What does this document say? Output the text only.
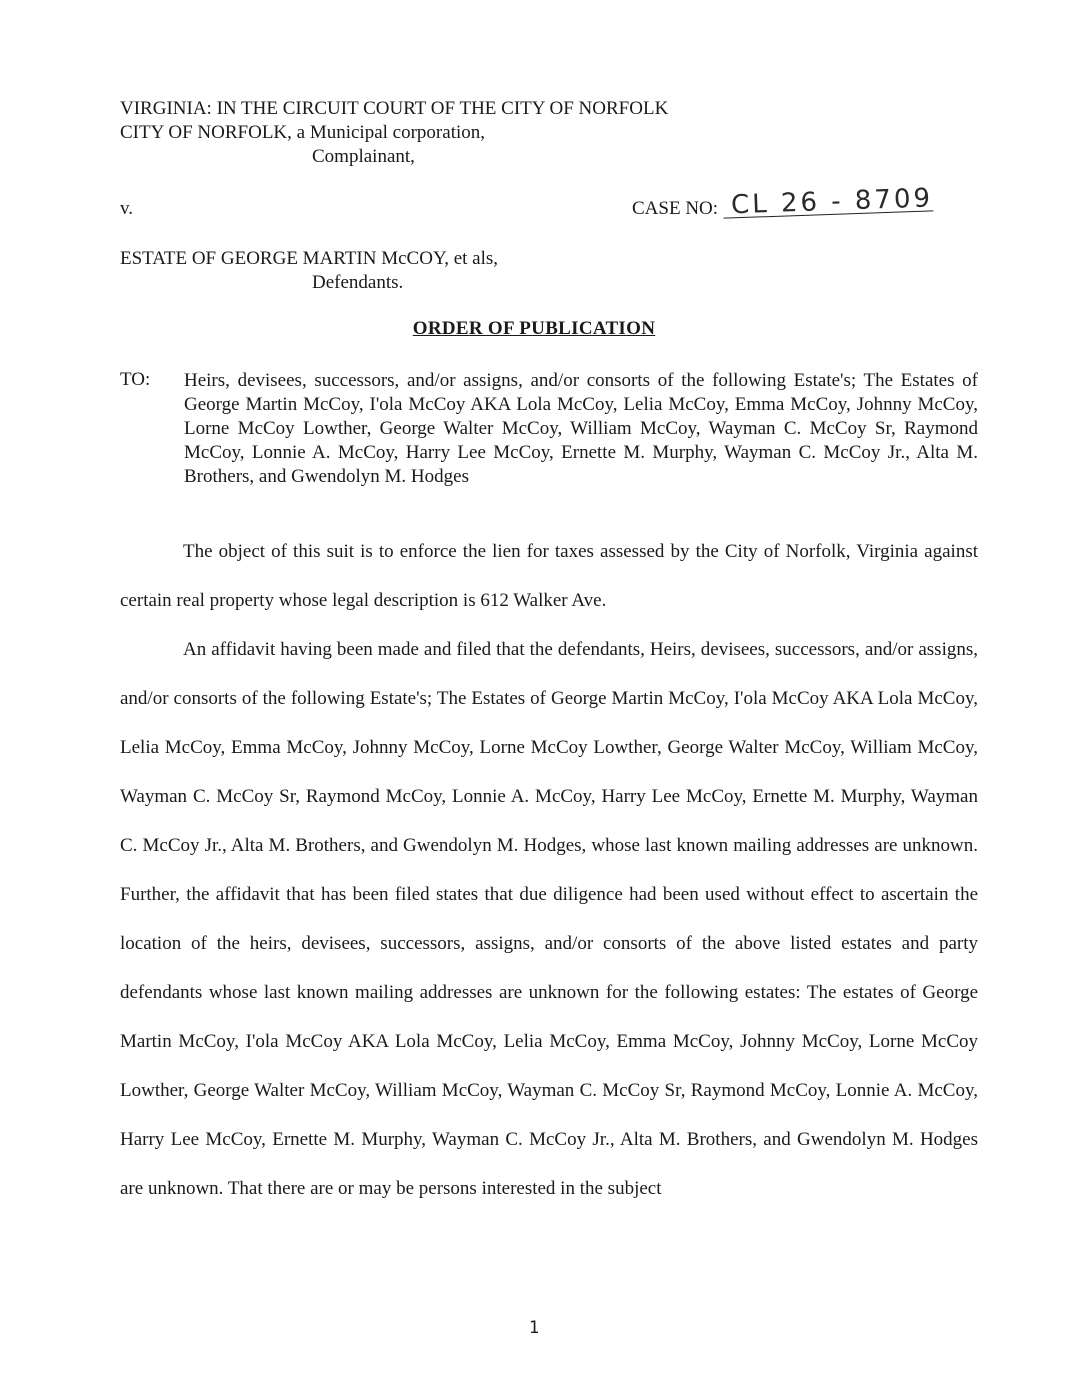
VIRGINIA: IN THE CIRCUIT COURT OF THE CITY OF NORFOLK
CITY OF NORFOLK, a Municipal corporation,
Complainant,
v.	CASE NO: CL 26 - 8709
ESTATE OF GEORGE MARTIN McCOY, et als,
Defendants.
ORDER OF PUBLICATION
TO: Heirs, devisees, successors, and/or assigns, and/or consorts of the following Estate's; The Estates of George Martin McCoy, I'ola McCoy AKA Lola McCoy, Lelia McCoy, Emma McCoy, Johnny McCoy, Lorne McCoy Lowther, George Walter McCoy, William McCoy, Wayman C. McCoy Sr, Raymond McCoy, Lonnie A. McCoy, Harry Lee McCoy, Ernette M. Murphy, Wayman C. McCoy Jr., Alta M. Brothers, and Gwendolyn M. Hodges
The object of this suit is to enforce the lien for taxes assessed by the City of Norfolk, Virginia against certain real property whose legal description is 612 Walker Ave.
An affidavit having been made and filed that the defendants, Heirs, devisees, successors, and/or assigns, and/or consorts of the following Estate's; The Estates of George Martin McCoy, I'ola McCoy AKA Lola McCoy, Lelia McCoy, Emma McCoy, Johnny McCoy, Lorne McCoy Lowther, George Walter McCoy, William McCoy, Wayman C. McCoy Sr, Raymond McCoy, Lonnie A. McCoy, Harry Lee McCoy, Ernette M. Murphy, Wayman C. McCoy Jr., Alta M. Brothers, and Gwendolyn M. Hodges, whose last known mailing addresses are unknown. Further, the affidavit that has been filed states that due diligence had been used without effect to ascertain the location of the heirs, devisees, successors, assigns, and/or consorts of the above listed estates and party defendants whose last known mailing addresses are unknown for the following estates: The estates of George Martin McCoy, I'ola McCoy AKA Lola McCoy, Lelia McCoy, Emma McCoy, Johnny McCoy, Lorne McCoy Lowther, George Walter McCoy, William McCoy, Wayman C. McCoy Sr, Raymond McCoy, Lonnie A. McCoy, Harry Lee McCoy, Ernette M. Murphy, Wayman C. McCoy Jr., Alta M. Brothers, and Gwendolyn M. Hodges are unknown. That there are or may be persons interested in the subject
1
